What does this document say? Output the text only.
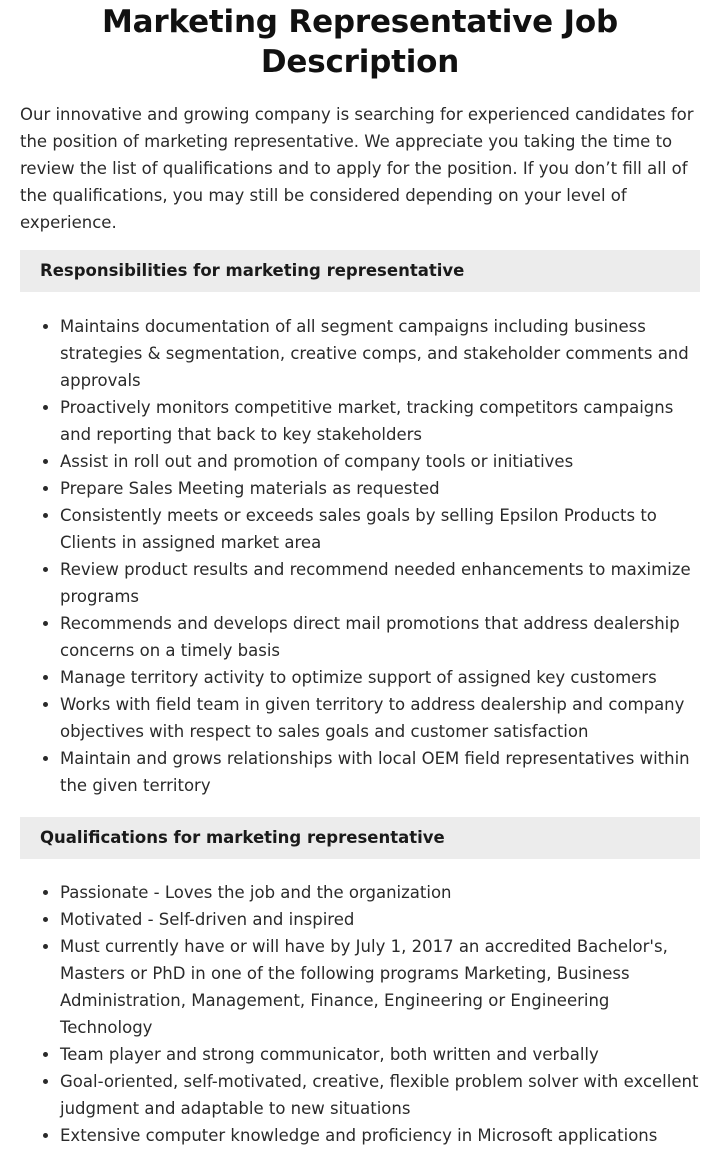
Marketing Representative Job Description

Our innovative and growing company is searching for experienced candidates for the position of marketing representative. We appreciate you taking the time to review the list of qualifications and to apply for the position. If you don’t fill all of the qualifications, you may still be considered depending on your level of experience.

Responsibilities for marketing representative
• Maintains documentation of all segment campaigns including business strategies & segmentation, creative comps, and stakeholder comments and approvals
• Proactively monitors competitive market, tracking competitors campaigns and reporting that back to key stakeholders
• Assist in roll out and promotion of company tools or initiatives
• Prepare Sales Meeting materials as requested
• Consistently meets or exceeds sales goals by selling Epsilon Products to Clients in assigned market area
• Review product results and recommend needed enhancements to maximize programs
• Recommends and develops direct mail promotions that address dealership concerns on a timely basis
• Manage territory activity to optimize support of assigned key customers
• Works with field team in given territory to address dealership and company objectives with respect to sales goals and customer satisfaction
• Maintain and grows relationships with local OEM field representatives within the given territory
Qualifications for marketing representative
• Passionate - Loves the job and the organization
• Motivated - Self-driven and inspired
• Must currently have or will have by July 1, 2017 an accredited Bachelor's, Masters or PhD in one of the following programs Marketing, Business Administration, Management, Finance, Engineering or Engineering Technology
• Team player and strong communicator, both written and verbally
• Goal-oriented, self-motivated, creative, flexible problem solver with excellent judgment and adaptable to new situations
• Extensive computer knowledge and proficiency in Microsoft applications
